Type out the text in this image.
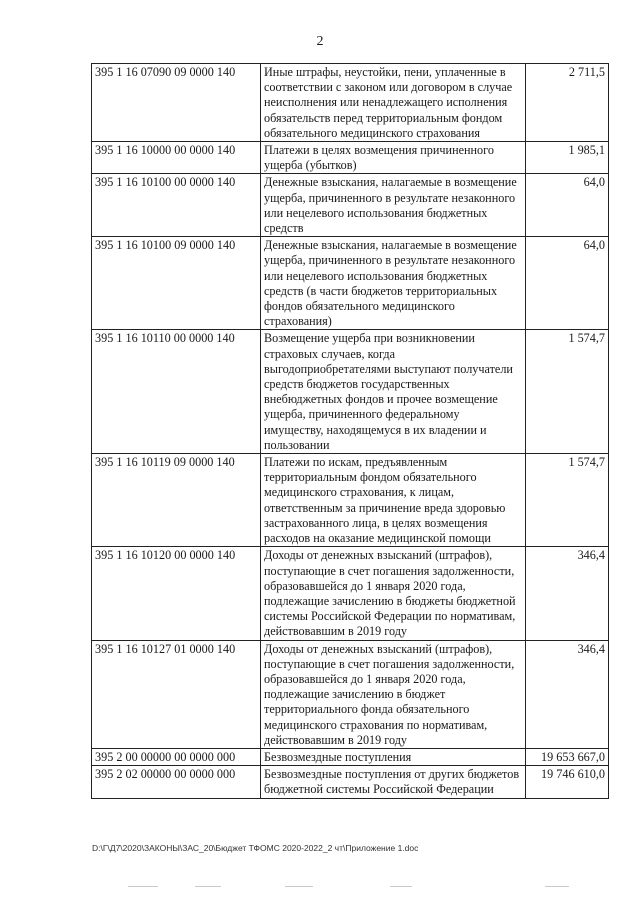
2
395 1 16 07090 09 0000 140	Иные штрафы, неустойки, пени, уплаченные в соответствии с законом или договором в случае неисполнения или ненадлежащего исполнения обязательств перед территориальным фондом обязательного медицинского страхования	2 711,5
395 1 16 10000 00 0000 140	Платежи в целях возмещения причиненного ущерба (убытков)	1 985,1
395 1 16 10100 00 0000 140	Денежные взыскания, налагаемые в возмещение ущерба, причиненного в результате незаконного или нецелевого использования бюджетных средств	64,0
395 1 16 10100 09 0000 140	Денежные взыскания, налагаемые в возмещение ущерба, причиненного в результате незаконного или нецелевого использования бюджетных средств (в части бюджетов территориальных фондов обязательного медицинского страхования)	64,0
395 1 16 10110 00 0000 140	Возмещение ущерба при возникновении страховых случаев, когда выгодоприобретателями выступают получатели средств бюджетов государственных внебюджетных фондов и прочее возмещение ущерба, причиненного федеральному имуществу, находящемуся в их владении и пользовании	1 574,7
395 1 16 10119 09 0000 140	Платежи по искам, предъявленным территориальным фондом обязательного медицинского страхования, к лицам, ответственным за причинение вреда здоровью застрахованного лица, в целях возмещения расходов на оказание медицинской помощи	1 574,7
395 1 16 10120 00 0000 140	Доходы от денежных взысканий (штрафов), поступающие в счет погашения задолженности, образовавшейся до 1 января 2020 года, подлежащие зачислению в бюджеты бюджетной системы Российской Федерации по нормативам, действовавшим в 2019 году	346,4
395 1 16 10127 01 0000 140	Доходы от денежных взысканий (штрафов), поступающие в счет погашения задолженности, образовавшейся до 1 января 2020 года, подлежащие зачислению в бюджет территориального фонда обязательного медицинского страхования по нормативам, действовавшим в 2019 году	346,4
395 2 00 00000 00 0000 000	Безвозмездные поступления	19 653 667,0
395 2 02 00000 00 0000 000	Безвозмездные поступления от других бюджетов бюджетной системы Российской Федерации	19 746 610,0
D:\Г\Д7\2020\ЗАКОНЫ\ЗАС_20\Бюджет ТФОМС 2020-2022_2 чт\Приложение 1.doc
